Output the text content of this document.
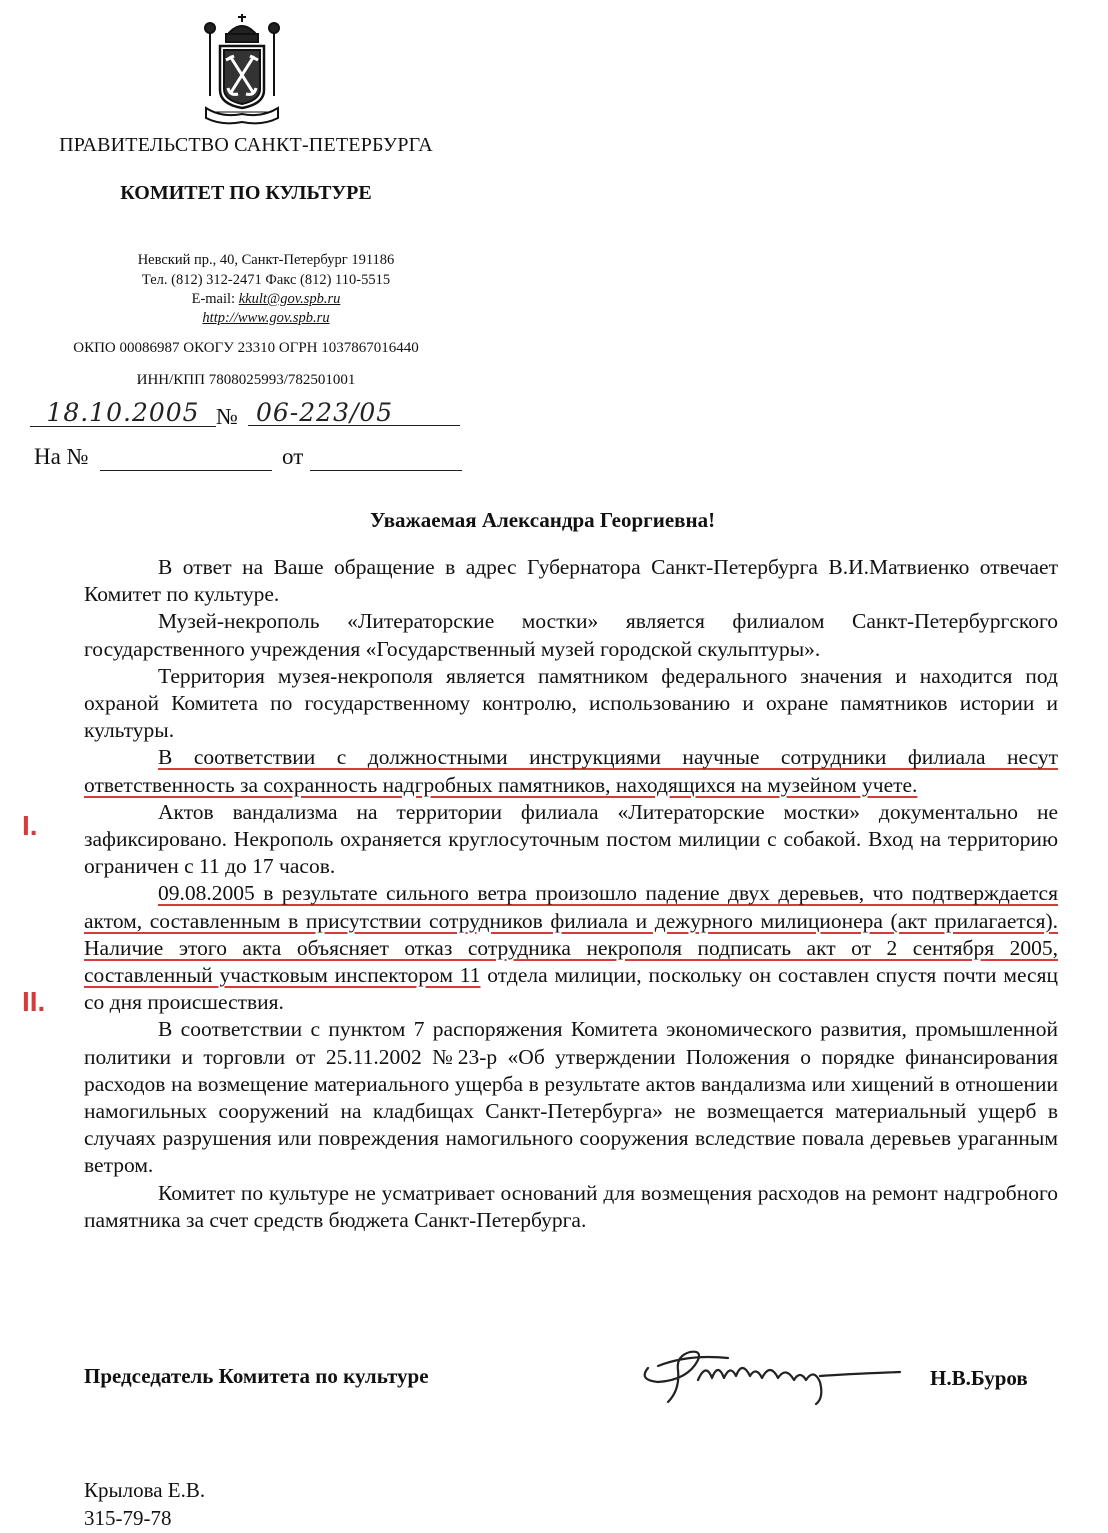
ПРАВИТЕЛЬСТВО САНКТ-ПЕТЕРБУРГА
КОМИТЕТ ПО КУЛЬТУРЕ
Невский пр., 40, Санкт-Петербург 191186
Тел. (812) 312-2471 Факс (812) 110-5515
E-mail: kkult@gov.spb.ru
http://www.gov.spb.ru
ОКПО 00086987 ОКОГУ 23310 ОГРН 1037867016440
ИНН/КПП 7808025993/782501001
18.10.2005 № 06-223/05
На №	от
Уважаемая Александра Георгиевна!

В ответ на Ваше обращение в адрес Губернатора Санкт-Петербурга В.И.Матвиенко отвечает Комитет по культуре.

Музей-некрополь «Литераторские мостки» является филиалом Санкт-Петербургского государственного учреждения «Государственный музей городской скульптуры».

Территория музея-некрополя является памятником федерального значения и находится под охраной Комитета по государственному контролю, использованию и охране памятников истории и культуры.

В соответствии с должностными инструкциями научные сотрудники филиала несут ответственность за сохранность надгробных памятников, находящихся на музейном учете.

Актов вандализма на территории филиала «Литераторские мостки» документально не зафиксировано. Некрополь охраняется круглосуточным постом милиции с собакой. Вход на территорию ограничен с 11 до 17 часов.

09.08.2005 в результате сильного ветра произошло падение двух деревьев, что подтверждается актом, составленным в присутствии сотрудников филиала и дежурного милиционера (акт прилагается). Наличие этого акта объясняет отказ сотрудника некрополя подписать акт от 2 сентября 2005, составленный участковым инспектором 11 отдела милиции, поскольку он составлен спустя почти месяц со дня происшествия.

В соответствии с пунктом 7 распоряжения Комитета экономического развития, промышленной политики и торговли от 25.11.2002 №23-р «Об утверждении Положения о порядке финансирования расходов на возмещение материального ущерба в результате актов вандализма или хищений в отношении намогильных сооружений на кладбищах Санкт-Петербурга» не возмещается материальный ущерб в случаях разрушения или повреждения намогильного сооружения вследствие повала деревьев ураганным ветром.

Комитет по культуре не усматривает оснований для возмещения расходов на ремонт надгробного памятника за счет средств бюджета Санкт-Петербурга.

I.
II.
Председатель Комитета по культуре	Н.В.Буров
Крылова Е.В.
315-79-78
